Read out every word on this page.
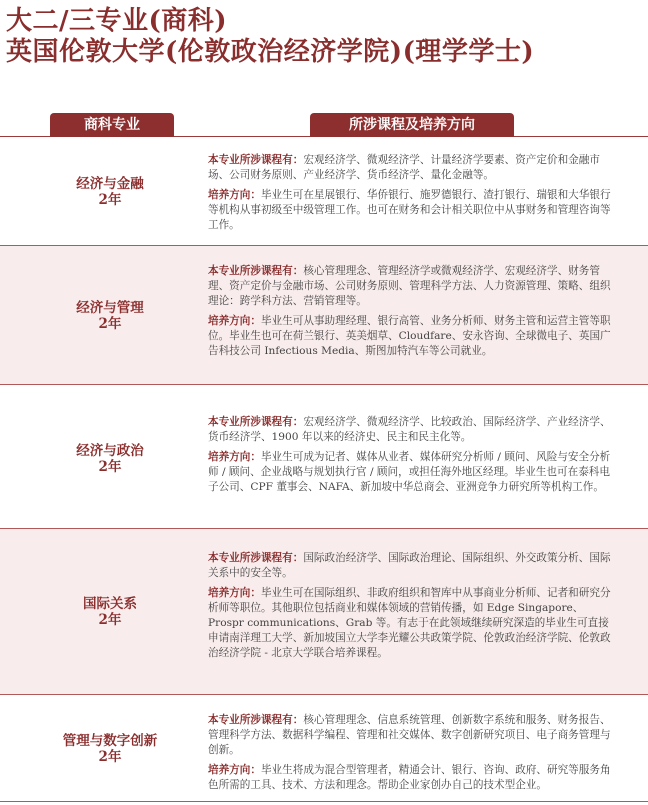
大二/三专业(商科)
英国伦敦大学(伦敦政治经济学院)(理学学士)
商科专业	所涉课程及培养方向
经济与金融
2年

本专业所涉课程有：宏观经济学、微观经济学、计量经济学要素、资产定价和金融市场、公司财务原则、产业经济学、货币经济学、量化金融等。

培养方向：毕业生可在星展银行、华侨银行、施罗德银行、渣打银行、瑞银和大华银行等机构从事初级至中级管理工作。也可在财务和会计相关职位中从事财务和管理咨询等工作。

经济与管理
2年

本专业所涉课程有：核心管理理念、管理经济学或微观经济学、宏观经济学、财务管理、资产定价与金融市场、公司财务原则、管理科学方法、人力资源管理、策略、组织理论：跨学科方法、营销管理等。

培养方向：毕业生可从事助理经理、银行高管、业务分析师、财务主管和运营主管等职位。毕业生也可在荷兰银行、英美烟草、Cloudfare、安永咨询、全球微电子、英国广告科技公司 Infectious Media、斯图加特汽车等公司就业。

经济与政治
2年

本专业所涉课程有：宏观经济学、微观经济学、比较政治、国际经济学、产业经济学、货币经济学、1900 年以来的经济史、民主和民主化等。

培养方向：毕业生可成为记者、媒体从业者、媒体研究分析师 / 顾问、风险与安全分析师 / 顾问、企业战略与规划执行官 / 顾问，或担任海外地区经理。毕业生也可在泰科电子公司、CPF 董事会、NAFA、新加坡中华总商会、亚洲竞争力研究所等机构工作。

国际关系
2年

本专业所涉课程有：国际政治经济学、国际政治理论、国际组织、外交政策分析、国际关系中的安全等。

培养方向：毕业生可在国际组织、非政府组织和智库中从事商业分析师、记者和研究分析师等职位。其他职位包括商业和媒体领域的营销传播，如 Edge Singapore、Prospr communications、Grab 等。有志于在此领域继续研究深造的毕业生可直接申请南洋理工大学、新加坡国立大学李光耀公共政策学院、伦敦政治经济学院、伦敦政治经济学院 - 北京大学联合培养课程。

管理与数字创新
2年

本专业所涉课程有：核心管理理念、信息系统管理、创新数字系统和服务、财务报告、管理科学方法、数据科学编程、管理和社交媒体、数字创新研究项目、电子商务管理与创新。

培养方向：毕业生将成为混合型管理者，精通会计、银行、咨询、政府、研究等服务角色所需的工具、技术、方法和理念。帮助企业家创办自己的技术型企业。
